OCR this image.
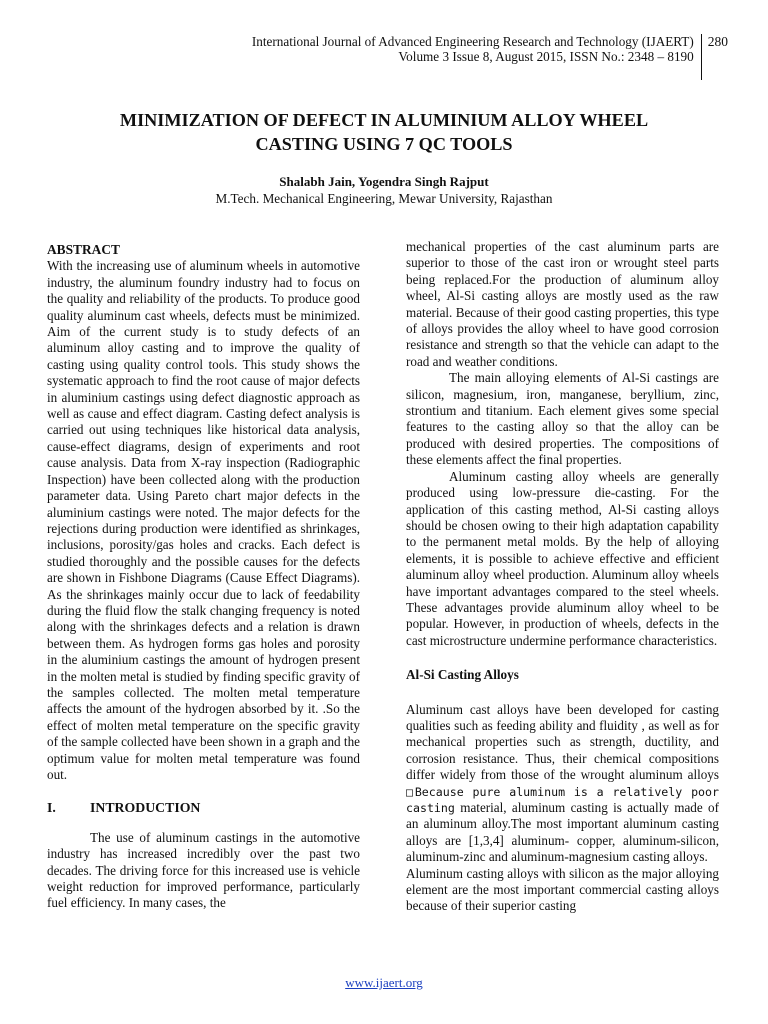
International Journal of Advanced Engineering Research and Technology (IJAERT)
Volume 3 Issue 8, August 2015, ISSN No.: 2348 – 8190
280
MINIMIZATION OF DEFECT IN ALUMINIUM ALLOY WHEEL
CASTING USING 7 QC TOOLS
Shalabh Jain, Yogendra Singh Rajput
M.Tech. Mechanical Engineering, Mewar University, Rajasthan
ABSTRACT

With the increasing use of aluminum wheels in automotive industry, the aluminum foundry industry had to focus on the quality and reliability of the products. To produce good quality aluminum cast wheels, defects must be minimized. Aim of the current study is to study defects of an aluminum alloy casting and to improve the quality of casting using quality control tools. This study shows the systematic approach to find the root cause of major defects in aluminium castings using defect diagnostic approach as well as cause and effect diagram. Casting defect analysis is carried out using techniques like historical data analysis, cause-effect diagrams, design of experiments and root cause analysis. Data from X-ray inspection (Radiographic Inspection) have been collected along with the production parameter data. Using Pareto chart major defects in the aluminium castings were noted. The major defects for the rejections during production were identified as shrinkages, inclusions, porosity/gas holes and cracks. Each defect is studied thoroughly and the possible causes for the defects are shown in Fishbone Diagrams (Cause Effect Diagrams). As the shrinkages mainly occur due to lack of feedability during the fluid flow the stalk changing frequency is noted along with the shrinkages defects and a relation is drawn between them. As hydrogen forms gas holes and porosity in the aluminium castings the amount of hydrogen present in the molten metal is studied by finding specific gravity of the samples collected. The molten metal temperature affects the amount of the hydrogen absorbed by it. .So the effect of molten metal temperature on the specific gravity of the sample collected have been shown in a graph and the optimum value for molten metal temperature was found out.

I.	INTRODUCTION

The use of aluminum castings in the automotive industry has increased incredibly over the past two decades. The driving force for this increased use is vehicle weight reduction for improved performance, particularly fuel efficiency. In many cases, the

mechanical properties of the cast aluminum parts are superior to those of the cast iron or wrought steel parts being replaced.For the production of aluminum alloy wheel, Al-Si casting alloys are mostly used as the raw material. Because of their good casting properties, this type of alloys provides the alloy wheel to have good corrosion resistance and strength so that the vehicle can adapt to the road and weather conditions.

The main alloying elements of Al-Si castings are silicon, magnesium, iron, manganese, beryllium, zinc, strontium and titanium. Each element gives some special features to the casting alloy so that the alloy can be produced with desired properties. The compositions of these elements affect the final properties.

Aluminum casting alloy wheels are generally produced using low-pressure die-casting. For the application of this casting method, Al-Si casting alloys should be chosen owing to their high adaptation capability to the permanent metal molds. By the help of alloying elements, it is possible to achieve effective and efficient aluminum alloy wheel production. Aluminum alloy wheels have important advantages compared to the steel wheels. These advantages provide aluminum alloy wheel to be popular. However, in production of wheels, defects in the cast microstructure undermine performance characteristics.

Al-Si Casting Alloys

Aluminum cast alloys have been developed for casting qualities such as feeding ability and fluidity , as well as for mechanical properties such as strength, ductility, and corrosion resistance. Thus, their chemical compositions differ widely from those of the wrought aluminum alloys □Because pure aluminum is a relatively poor casting material, aluminum casting is actually made of an aluminum alloy.The most important aluminum casting alloys are [1,3,4] aluminum- copper, aluminum-silicon, aluminum-zinc and aluminum-magnesium casting alloys.

Aluminum casting alloys with silicon as the major alloying element are the most important commercial casting alloys because of their superior casting

www.ijaert.org
